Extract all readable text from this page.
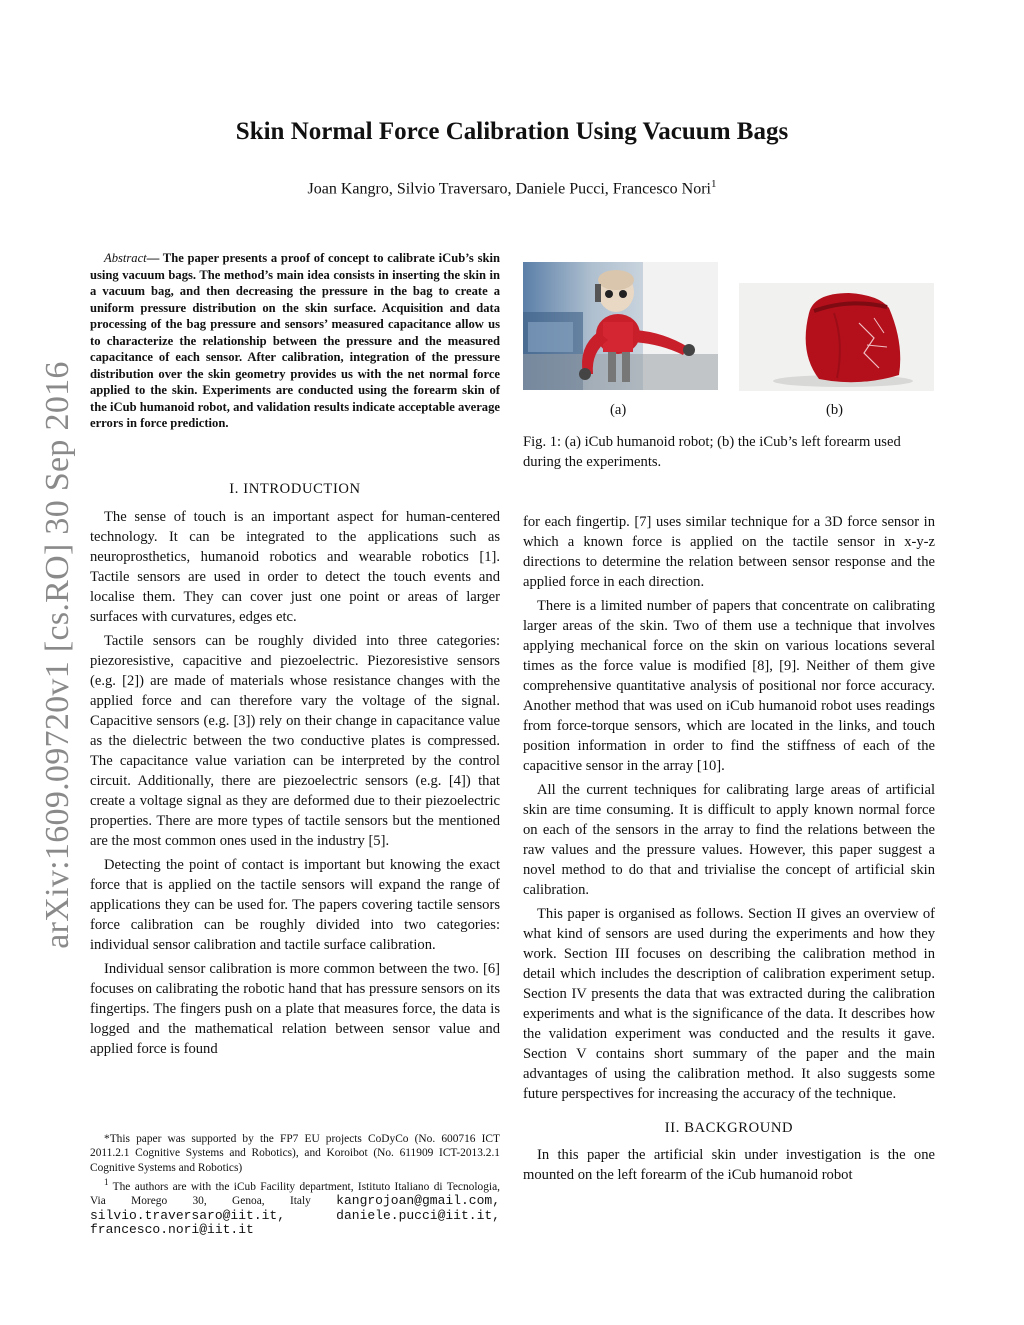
arXiv:1609.09720v1 [cs.RO] 30 Sep 2016
Skin Normal Force Calibration Using Vacuum Bags
Joan Kangro, Silvio Traversaro, Daniele Pucci, Francesco Nori$^1$
Abstract— The paper presents a proof of concept to calibrate iCub’s skin using vacuum bags. The method’s main idea consists in inserting the skin in a vacuum bag, and then decreasing the pressure in the bag to create a uniform pressure distribution on the skin surface. Acquisition and data processing of the bag pressure and sensors’ measured capacitance allow us to characterize the relationship between the pressure and the measured capacitance of each sensor. After calibration, integration of the pressure distribution over the skin geometry provides us with the net normal force applied to the skin. Experiments are conducted using the forearm skin of the iCub humanoid robot, and validation results indicate acceptable average errors in force prediction.

I. INTRODUCTION

The sense of touch is an important aspect for human-centered technology. It can be integrated to the applications such as neuroprosthetics, humanoid robotics and wearable robotics [1]. Tactile sensors are used in order to detect the touch events and localise them. They can cover just one point or areas of larger surfaces with curvatures, edges etc.

Tactile sensors can be roughly divided into three categories: piezoresistive, capacitive and piezoelectric. Piezoresistive sensors (e.g. [2]) are made of materials whose resistance changes with the applied force and can therefore vary the voltage of the signal. Capacitive sensors (e.g. [3]) rely on their change in capacitance value as the dielectric between the two conductive plates is compressed. The capacitance value variation can be interpreted by the control circuit. Additionally, there are piezoelectric sensors (e.g. [4]) that create a voltage signal as they are deformed due to their piezoelectric properties. There are more types of tactile sensors but the mentioned are the most common ones used in the industry [5].

Detecting the point of contact is important but knowing the exact force that is applied on the tactile sensors will expand the range of applications they can be used for. The papers covering tactile sensors force calibration can be roughly divided into two categories: individual sensor calibration and tactile surface calibration.

Individual sensor calibration is more common between the two. [6] focuses on calibrating the robotic hand that has pressure sensors on its fingertips. The fingers push on a plate that measures force, the data is logged and the mathematical relation between sensor value and applied force is found

*This paper was supported by the FP7 EU projects CoDyCo (No. 600716 ICT 2011.2.1 Cognitive Systems and Robotics), and Koroibot (No. 611909 ICT-2013.2.1 Cognitive Systems and Robotics)
$^1$ The authors are with the iCub Facility department, Istituto Italiano di Tecnologia, Via Morego 30, Genoa, Italy kangrojoan@gmail.com, silvio.traversaro@iit.it, daniele.pucci@iit.it, francesco.nori@iit.it
(a)	(b)
Fig. 1: (a) iCub humanoid robot; (b) the iCub’s left forearm used during the experiments.

for each fingertip. [7] uses similar technique for a 3D force sensor in which a known force is applied on the tactile sensor in x-y-z directions to determine the relation between sensor response and the applied force in each direction.

There is a limited number of papers that concentrate on calibrating larger areas of the skin. Two of them use a technique that involves applying mechanical force on the skin on various locations several times as the force value is modified [8], [9]. Neither of them give comprehensive quantitative analysis of positional nor force accuracy. Another method that was used on iCub humanoid robot uses readings from force-torque sensors, which are located in the links, and touch position information in order to find the stiffness of each of the capacitive sensor in the array [10].

All the current techniques for calibrating large areas of artificial skin are time consuming. It is difficult to apply known normal force on each of the sensors in the array to find the relations between the raw values and the pressure values. However, this paper suggest a novel method to do that and trivialise the concept of artificial skin calibration.

This paper is organised as follows. Section II gives an overview of what kind of sensors are used during the experiments and how they work. Section III focuses on describing the calibration method in detail which includes the description of calibration experiment setup. Section IV presents the data that was extracted during the calibration experiments and what is the significance of the data. It describes how the validation experiment was conducted and the results it gave. Section V contains short summary of the paper and the main advantages of using the calibration method. It also suggests some future perspectives for increasing the accuracy of the technique.

II. BACKGROUND

In this paper the artificial skin under investigation is the one mounted on the left forearm of the iCub humanoid robot
